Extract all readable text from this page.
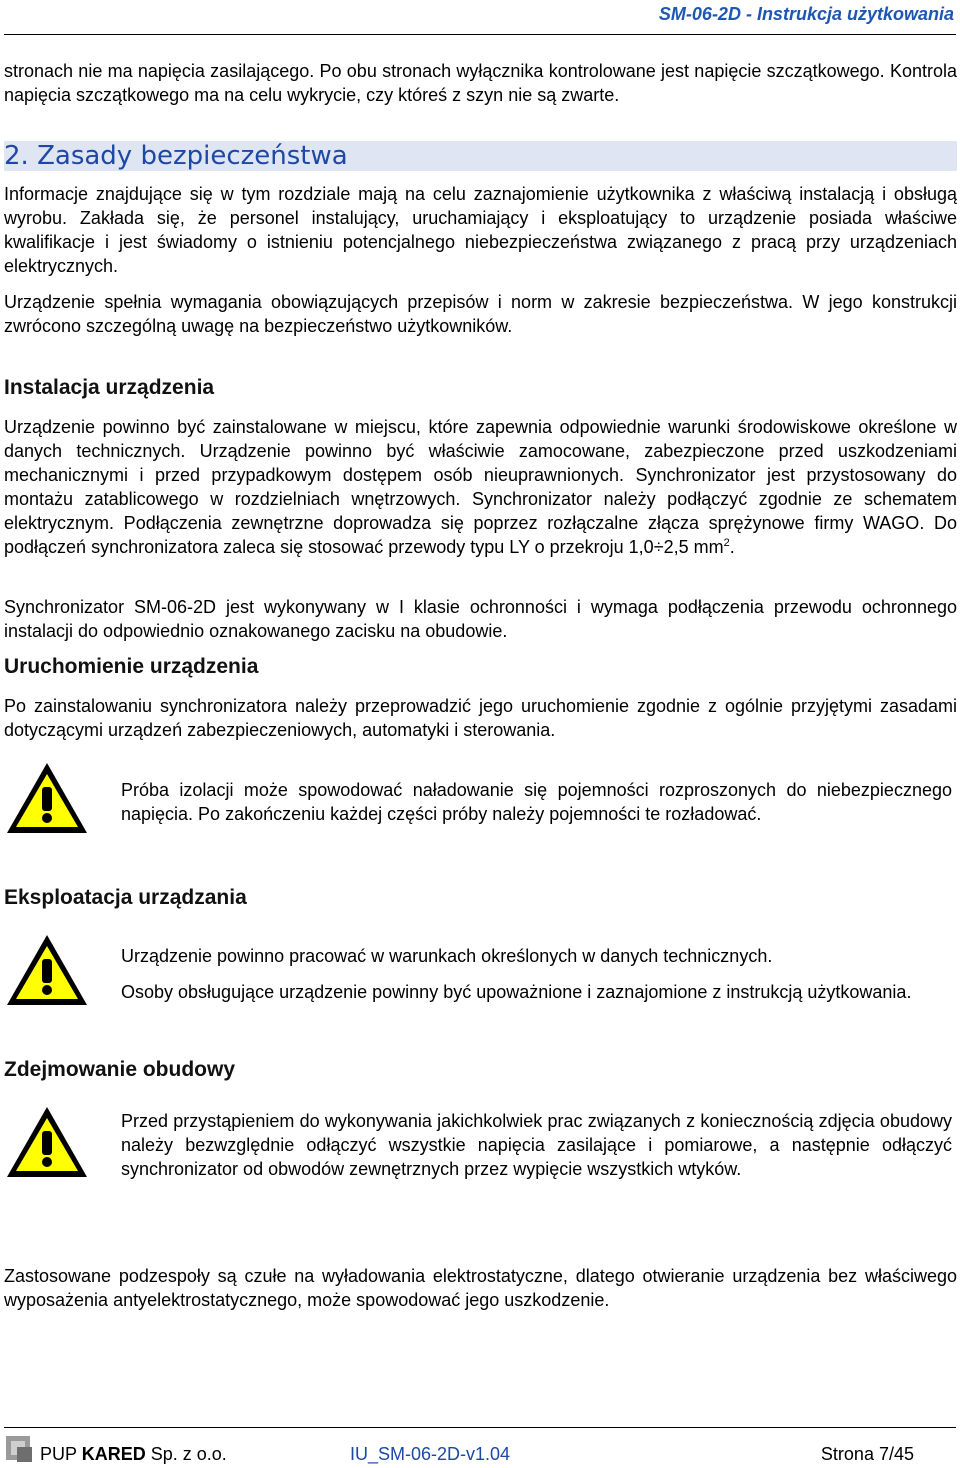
SM-06-2D - Instrukcja użytkowania
stronach nie ma napięcia zasilającego. Po obu stronach wyłącznika kontrolowane jest napięcie szczątkowego. Kontrola napięcia szczątkowego ma na celu wykrycie, czy któreś z szyn nie są zwarte.
2. Zasady bezpieczeństwa
Informacje znajdujące się w tym rozdziale mają na celu zaznajomienie użytkownika z właściwą instalacją i obsługą wyrobu. Zakłada się, że personel instalujący, uruchamiający i eksploatujący to urządzenie posiada właściwe kwalifikacje i jest świadomy o istnieniu potencjalnego niebezpieczeństwa związanego z pracą przy urządzeniach elektrycznych.
Urządzenie spełnia wymagania obowiązujących przepisów i norm w zakresie bezpieczeństwa. W jego konstrukcji zwrócono szczególną uwagę na bezpieczeństwo użytkowników.
Instalacja urządzenia
Urządzenie powinno być zainstalowane w miejscu, które zapewnia odpowiednie warunki środowiskowe określone w danych technicznych. Urządzenie powinno być właściwie zamocowane, zabezpieczone przed uszkodzeniami mechanicznymi i przed przypadkowym dostępem osób nieuprawnionych. Synchronizator jest przystosowany do montażu zatablicowego w rozdzielniach wnętrzowych. Synchronizator należy podłączyć zgodnie ze schematem elektrycznym. Podłączenia zewnętrzne doprowadza się poprzez rozłączalne złącza sprężynowe firmy WAGO. Do podłączeń synchronizatora zaleca się stosować przewody typu LY o przekroju 1,0÷2,5 $mm^2$.
Synchronizator SM-06-2D jest wykonywany w I klasie ochronności i wymaga podłączenia przewodu ochronnego instalacji do odpowiednio oznakowanego zacisku na obudowie.
Uruchomienie urządzenia
Po zainstalowaniu synchronizatora należy przeprowadzić jego uruchomienie zgodnie z ogólnie przyjętymi zasadami dotyczącymi urządzeń zabezpieczeniowych, automatyki i sterowania.
Próba izolacji może spowodować naładowanie się pojemności rozproszonych do niebezpiecznego napięcia. Po zakończeniu każdej części próby należy pojemności te rozładować.
Eksploatacja urządzania
Urządzenie powinno pracować w warunkach określonych w danych technicznych.
Osoby obsługujące urządzenie powinny być upoważnione i zaznajomione z instrukcją użytkowania.
Zdejmowanie obudowy
Przed przystąpieniem do wykonywania jakichkolwiek prac związanych z koniecznością zdjęcia obudowy należy bezwzględnie odłączyć wszystkie napięcia zasilające i pomiarowe, a następnie odłączyć synchronizator od obwodów zewnętrznych przez wypięcie wszystkich wtyków.
Zastosowane podzespoły są czułe na wyładowania elektrostatyczne, dlatego otwieranie urządzenia bez właściwego wyposażenia antyelektrostatycznego, może spowodować jego uszkodzenie.
PUP KARED Sp. z o.o.	IU_SM-06-2D-v1.04	Strona 7/45
